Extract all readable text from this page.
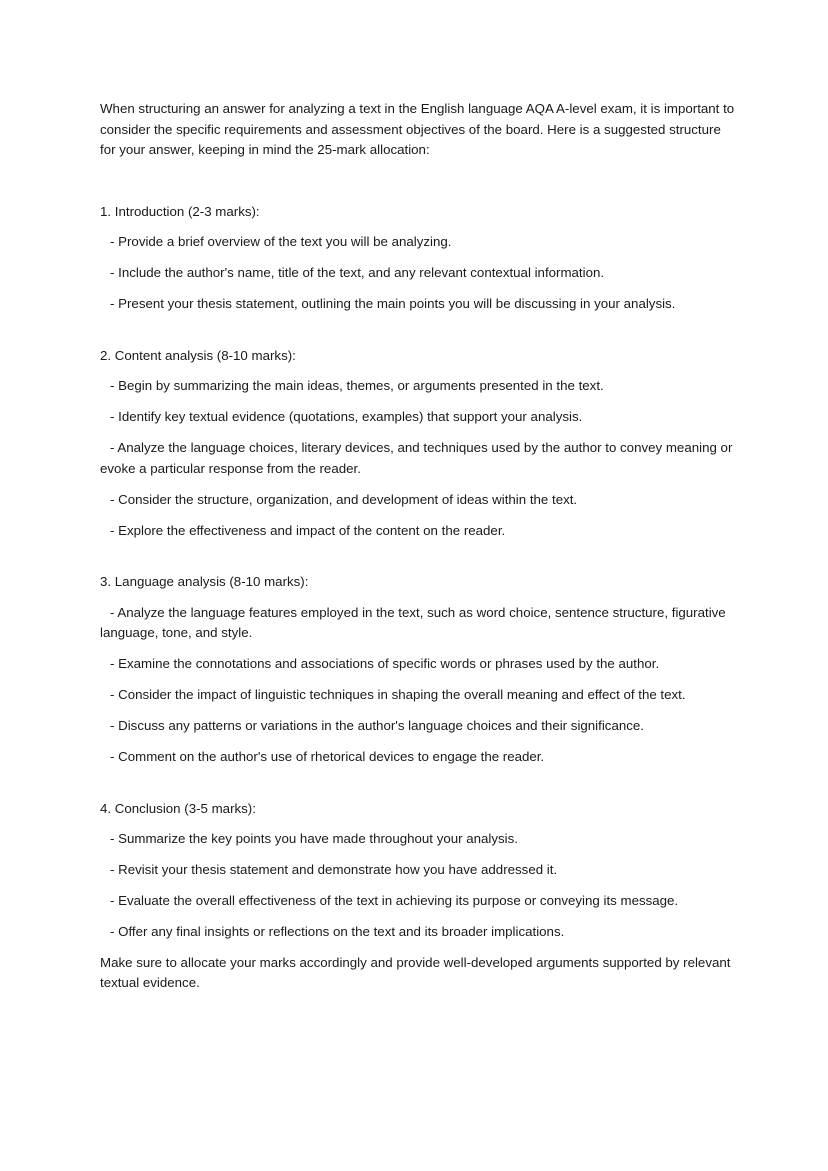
When structuring an answer for analyzing a text in the English language AQA A-level exam, it is important to consider the specific requirements and assessment objectives of the board. Here is a suggested structure for your answer, keeping in mind the 25-mark allocation:

1. Introduction (2-3 marks):

- Provide a brief overview of the text you will be analyzing.

- Include the author's name, title of the text, and any relevant contextual information.

- Present your thesis statement, outlining the main points you will be discussing in your analysis.

2. Content analysis (8-10 marks):

- Begin by summarizing the main ideas, themes, or arguments presented in the text.

- Identify key textual evidence (quotations, examples) that support your analysis.

- Analyze the language choices, literary devices, and techniques used by the author to convey meaning or evoke a particular response from the reader.

- Consider the structure, organization, and development of ideas within the text.

- Explore the effectiveness and impact of the content on the reader.

3. Language analysis (8-10 marks):

- Analyze the language features employed in the text, such as word choice, sentence structure, figurative language, tone, and style.

- Examine the connotations and associations of specific words or phrases used by the author.

- Consider the impact of linguistic techniques in shaping the overall meaning and effect of the text.

- Discuss any patterns or variations in the author's language choices and their significance.

- Comment on the author's use of rhetorical devices to engage the reader.

4. Conclusion (3-5 marks):

- Summarize the key points you have made throughout your analysis.

- Revisit your thesis statement and demonstrate how you have addressed it.

- Evaluate the overall effectiveness of the text in achieving its purpose or conveying its message.

- Offer any final insights or reflections on the text and its broader implications.

Make sure to allocate your marks accordingly and provide well-developed arguments supported by relevant textual evidence.
